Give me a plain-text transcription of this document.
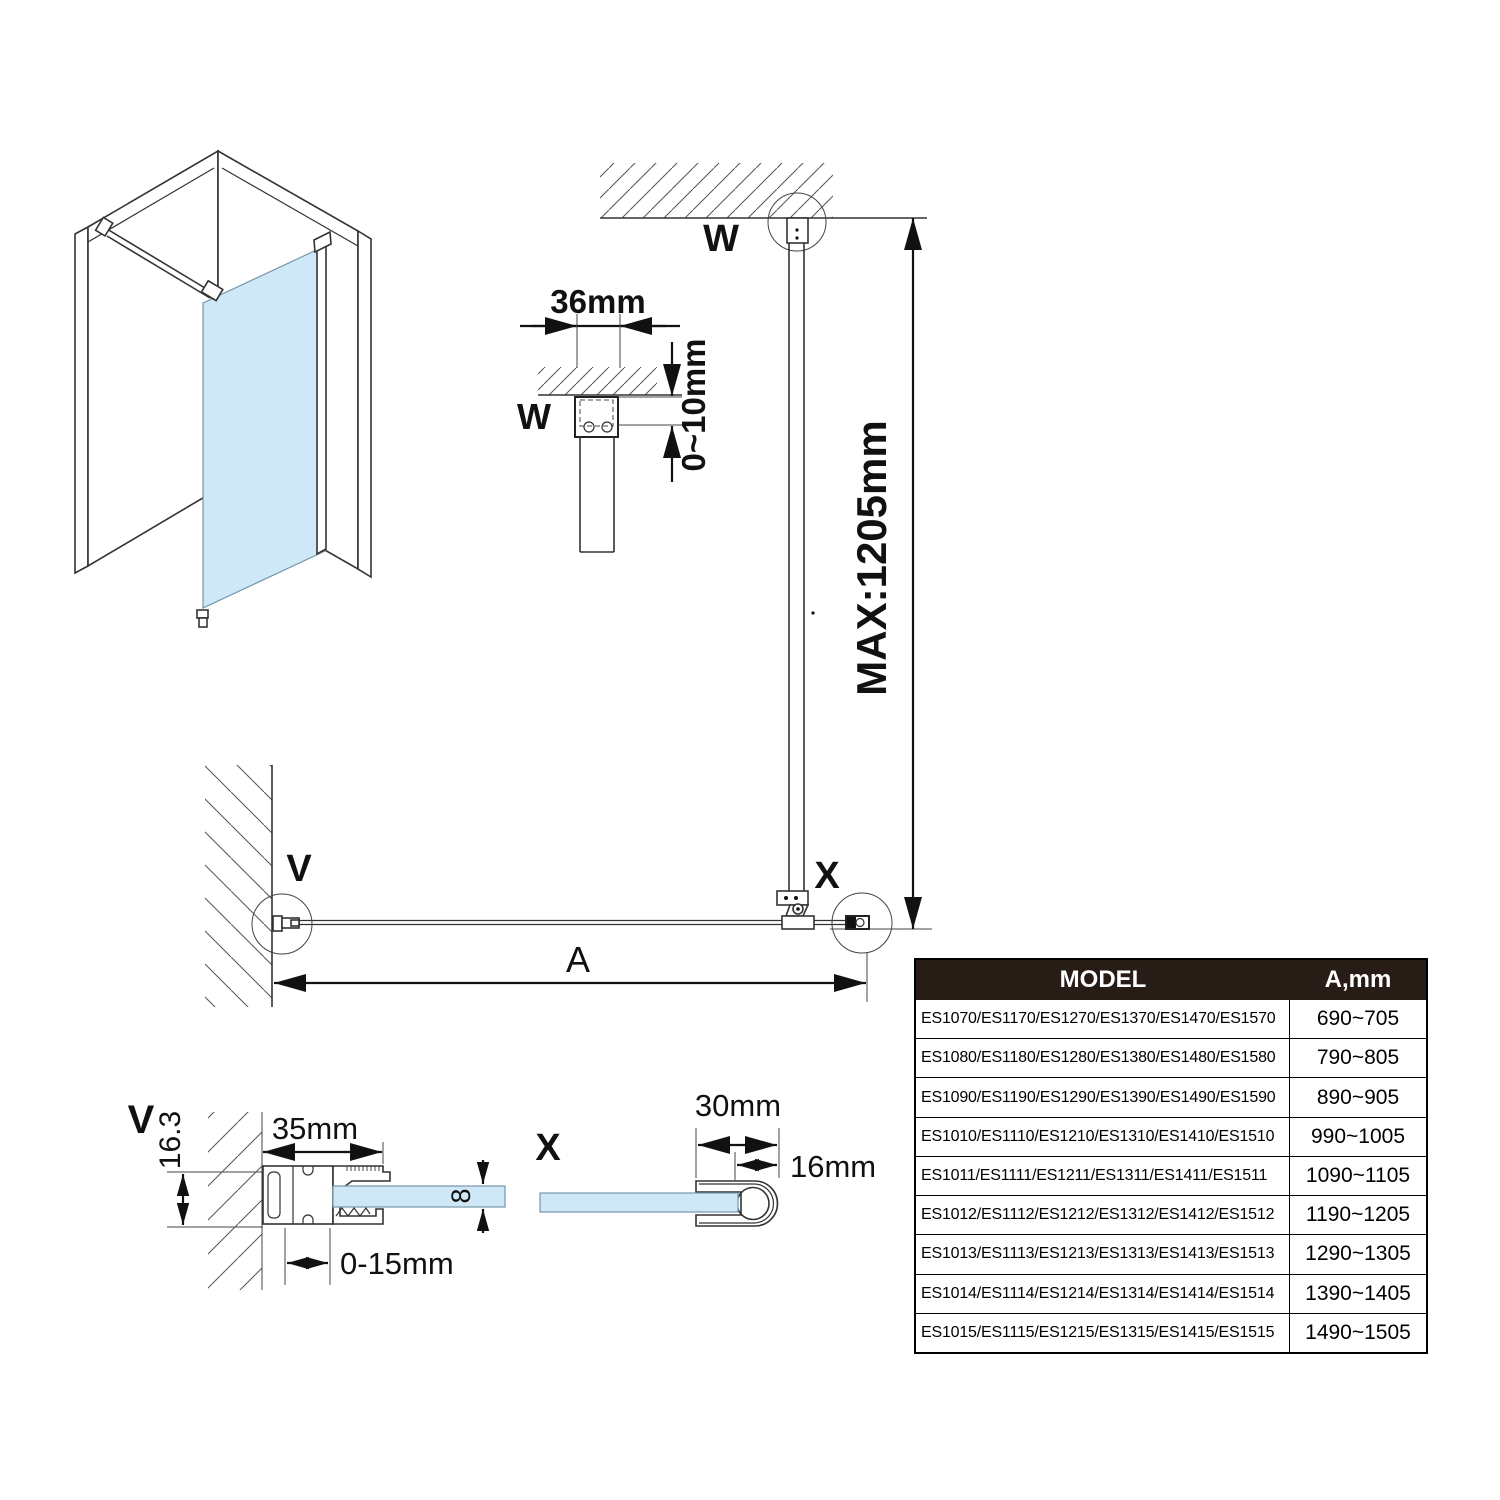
W
MAX:1205mm
36mm
0~10mm
W
V	X
A
V 16.3	35mm
8
0-15mm
X
30mm
16mm
MODEL	A,mm
ES1070/ES1170/ES1270/ES1370/ES1470/ES1570	690~705
ES1080/ES1180/ES1280/ES1380/ES1480/ES1580	790~805
ES1090/ES1190/ES1290/ES1390/ES1490/ES1590	890~905
ES1010/ES1110/ES1210/ES1310/ES1410/ES1510	990~1005
ES1011/ES1111/ES1211/ES1311/ES1411/ES1511	1090~1105
ES1012/ES1112/ES1212/ES1312/ES1412/ES1512	1190~1205
ES1013/ES1113/ES1213/ES1313/ES1413/ES1513	1290~1305
ES1014/ES1114/ES1214/ES1314/ES1414/ES1514	1390~1405
ES1015/ES1115/ES1215/ES1315/ES1415/ES1515	1490~1505
